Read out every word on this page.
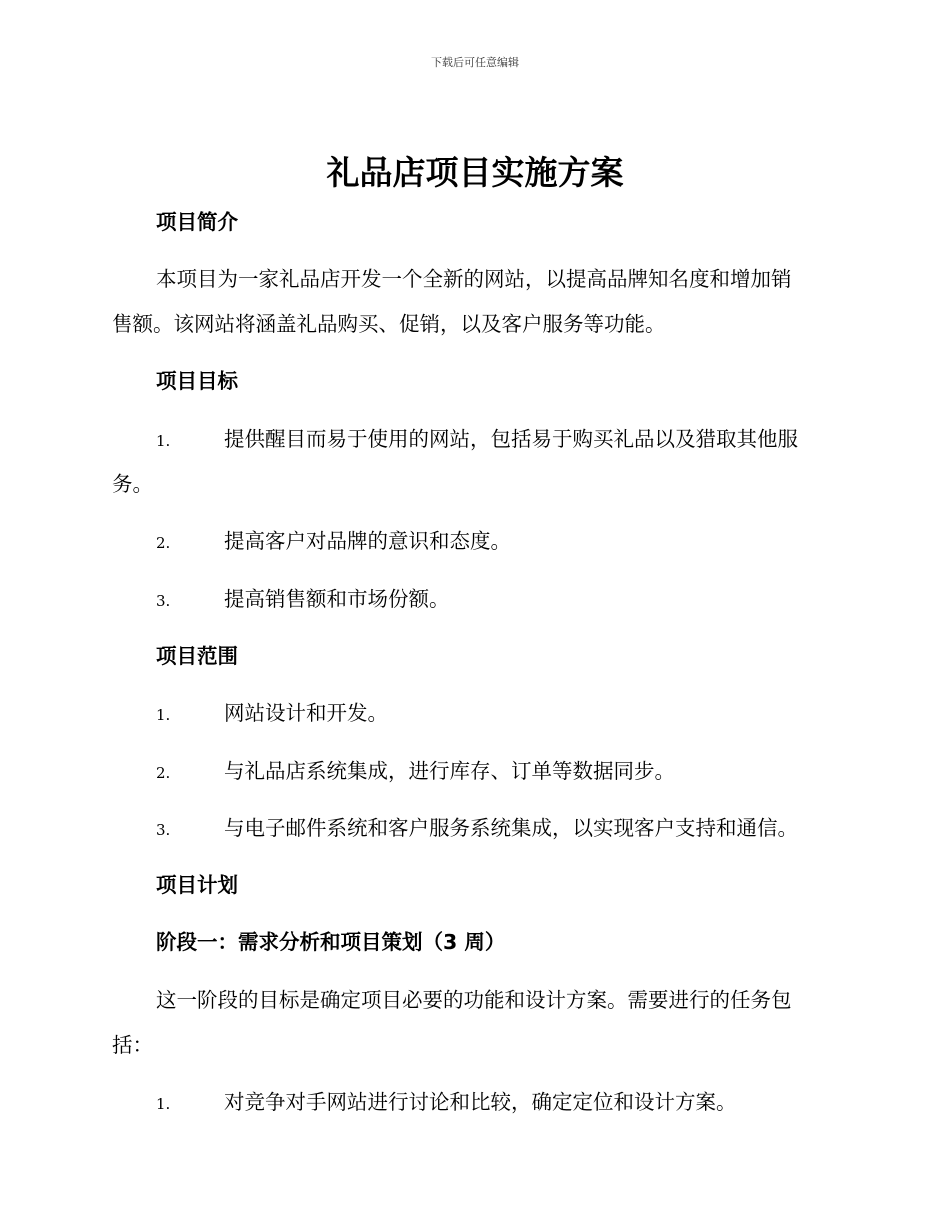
下载后可任意编辑
礼品店项目实施方案
项目简介
本项目为一家礼品店开发一个全新的网站，以提高品牌知名度和增加销
售额。该网站将涵盖礼品购买、促销，以及客户服务等功能。
项目目标
1.	提供醒目而易于使用的网站，包括易于购买礼品以及猎取其他服
务。
2.	提高客户对品牌的意识和态度。
3.	提高销售额和市场份额。
项目范围
1.	网站设计和开发。
2.	与礼品店系统集成，进行库存、订单等数据同步。
3.	与电子邮件系统和客户服务系统集成，以实现客户支持和通信。
项目计划
阶段一：需求分析和项目策划（3 周）
这一阶段的目标是确定项目必要的功能和设计方案。需要进行的任务包
括：
1.	对竞争对手网站进行讨论和比较，确定定位和设计方案。
